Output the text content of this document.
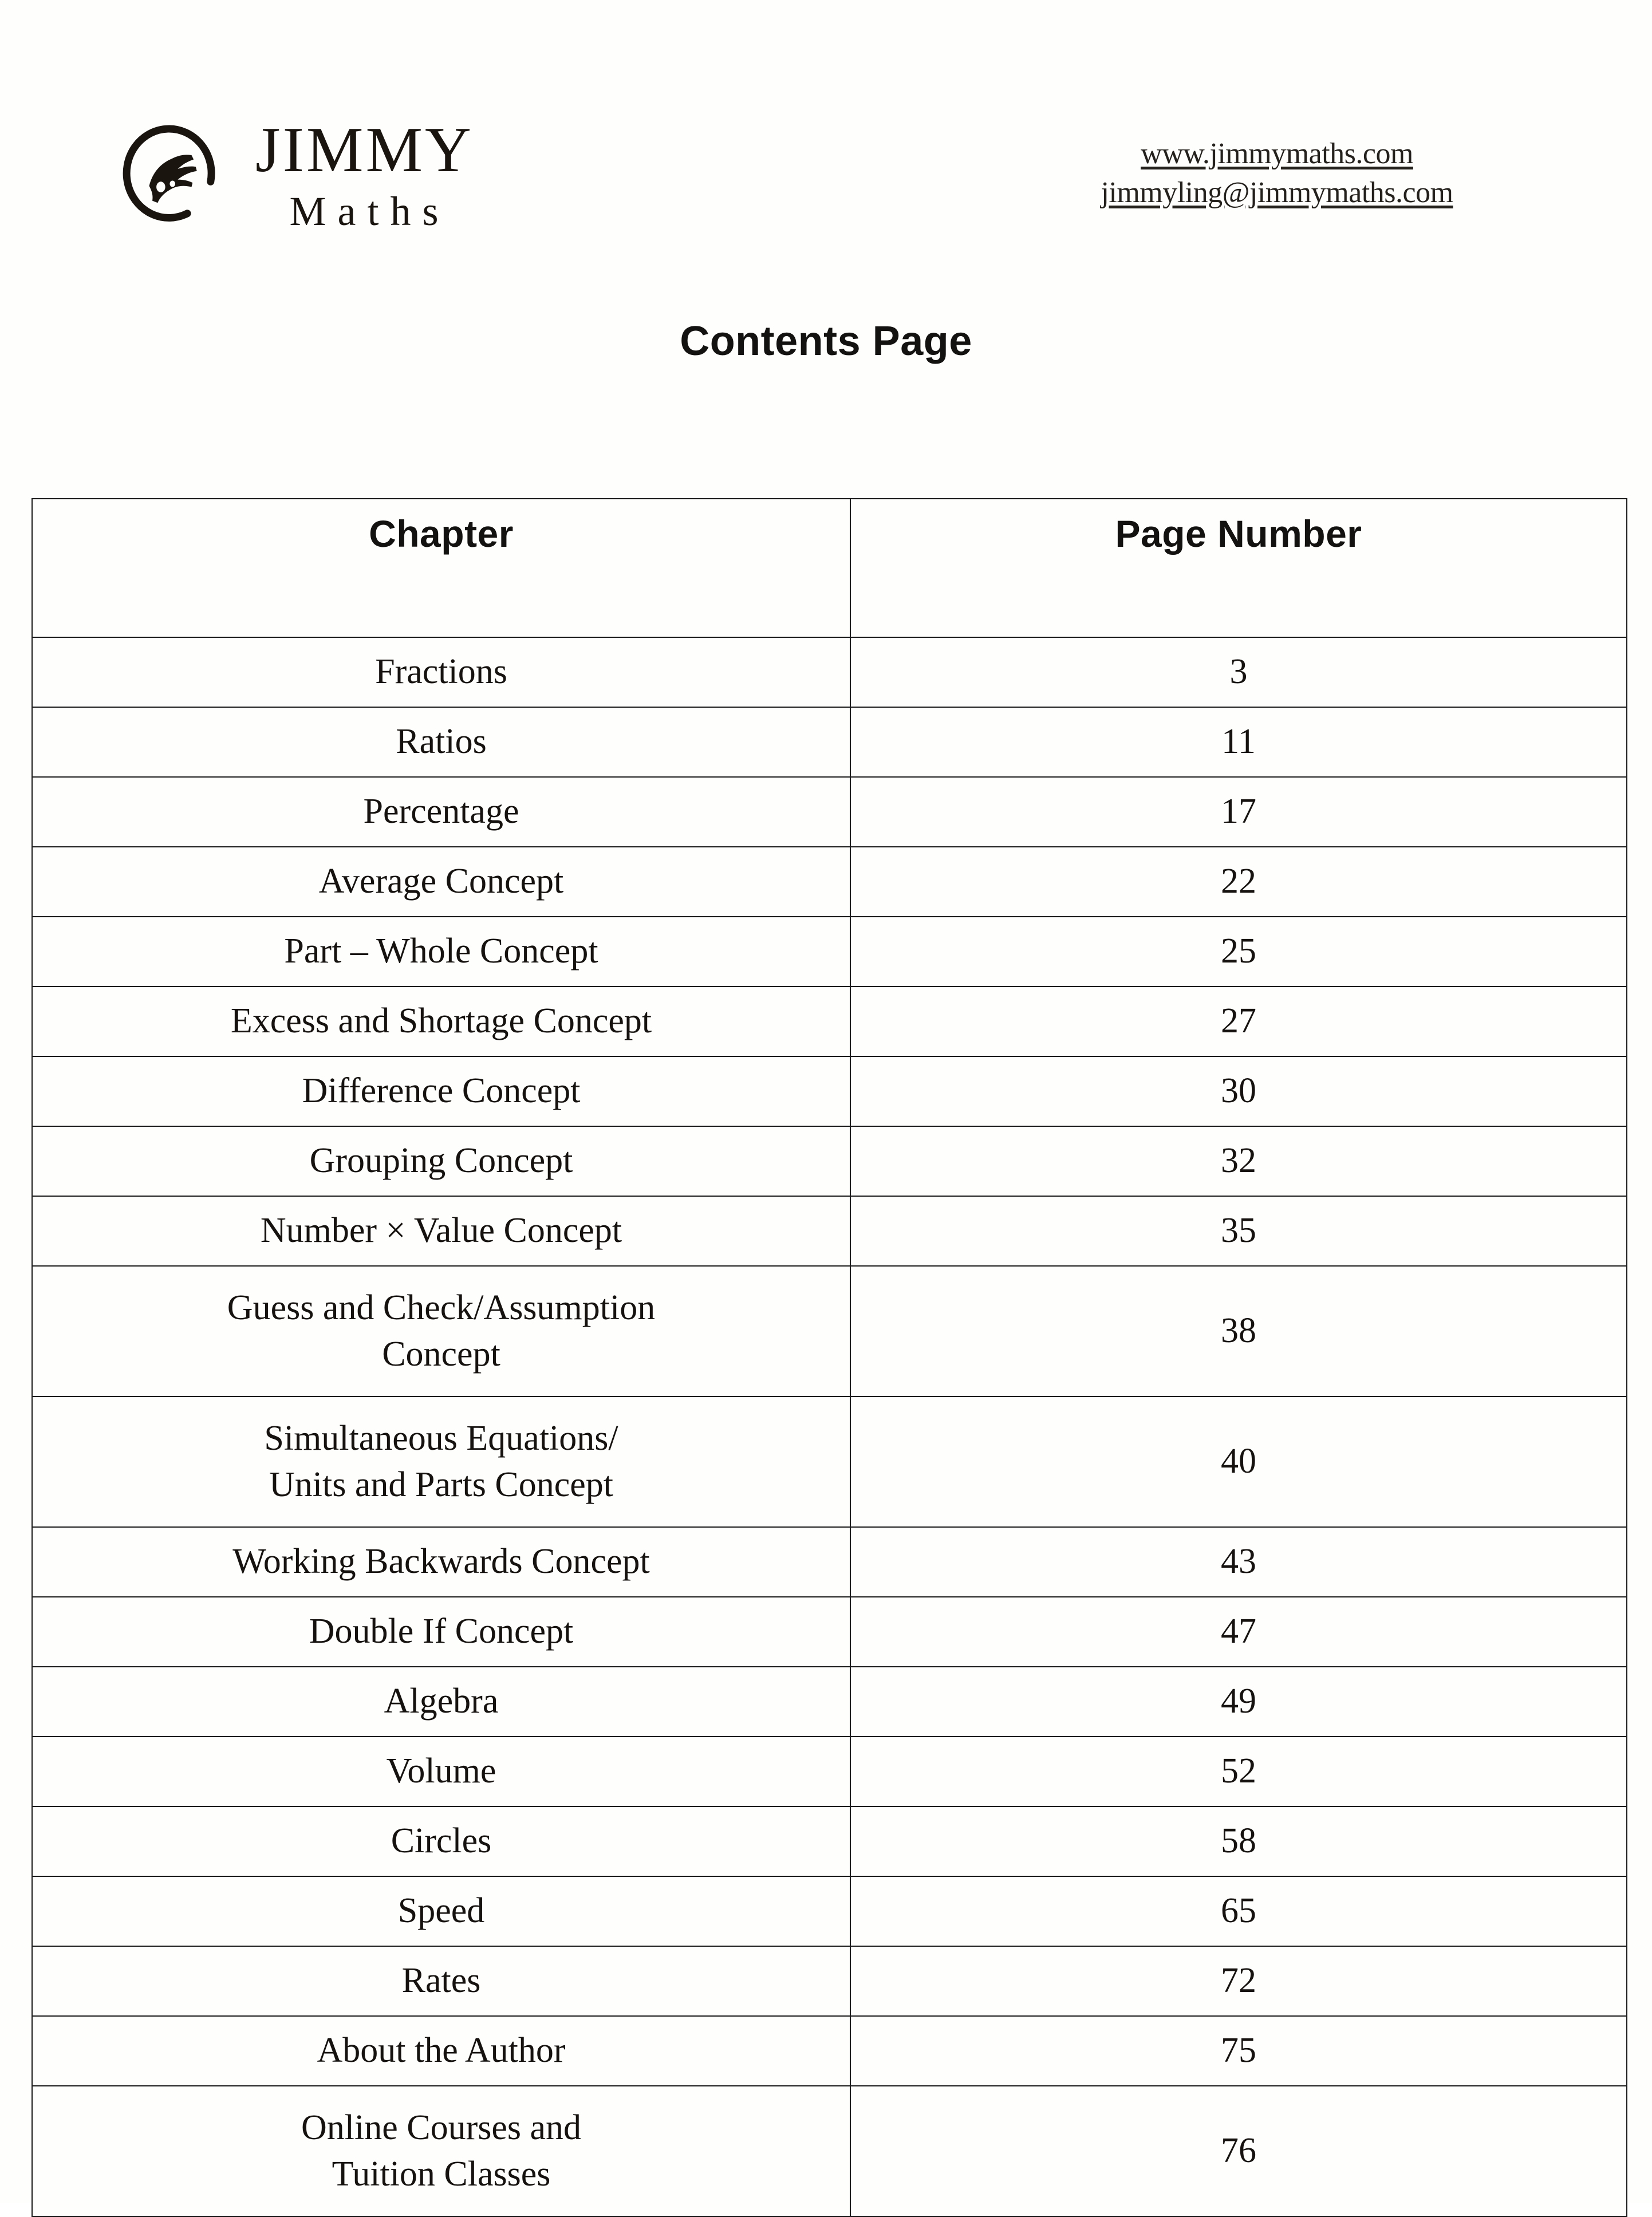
JIMMY
Maths
www.jimmymaths.com
jimmyling@jimmymaths.com
Contents Page
Chapter	Page Number
Fractions	3
Ratios	11
Percentage	17
Average Concept	22
Part – Whole Concept	25
Excess and Shortage Concept	27
Difference Concept	30
Grouping Concept	32
Number × Value Concept	35

Guess and Check/Assumption
Concept	38

Simultaneous Equations/
Units and Parts Concept	40
Working Backwards Concept	43
Double If Concept	47
Algebra	49
Volume	52
Circles	58
Speed	65
Rates	72
About the Author	75

Online Courses and
Tuition Classes	76
